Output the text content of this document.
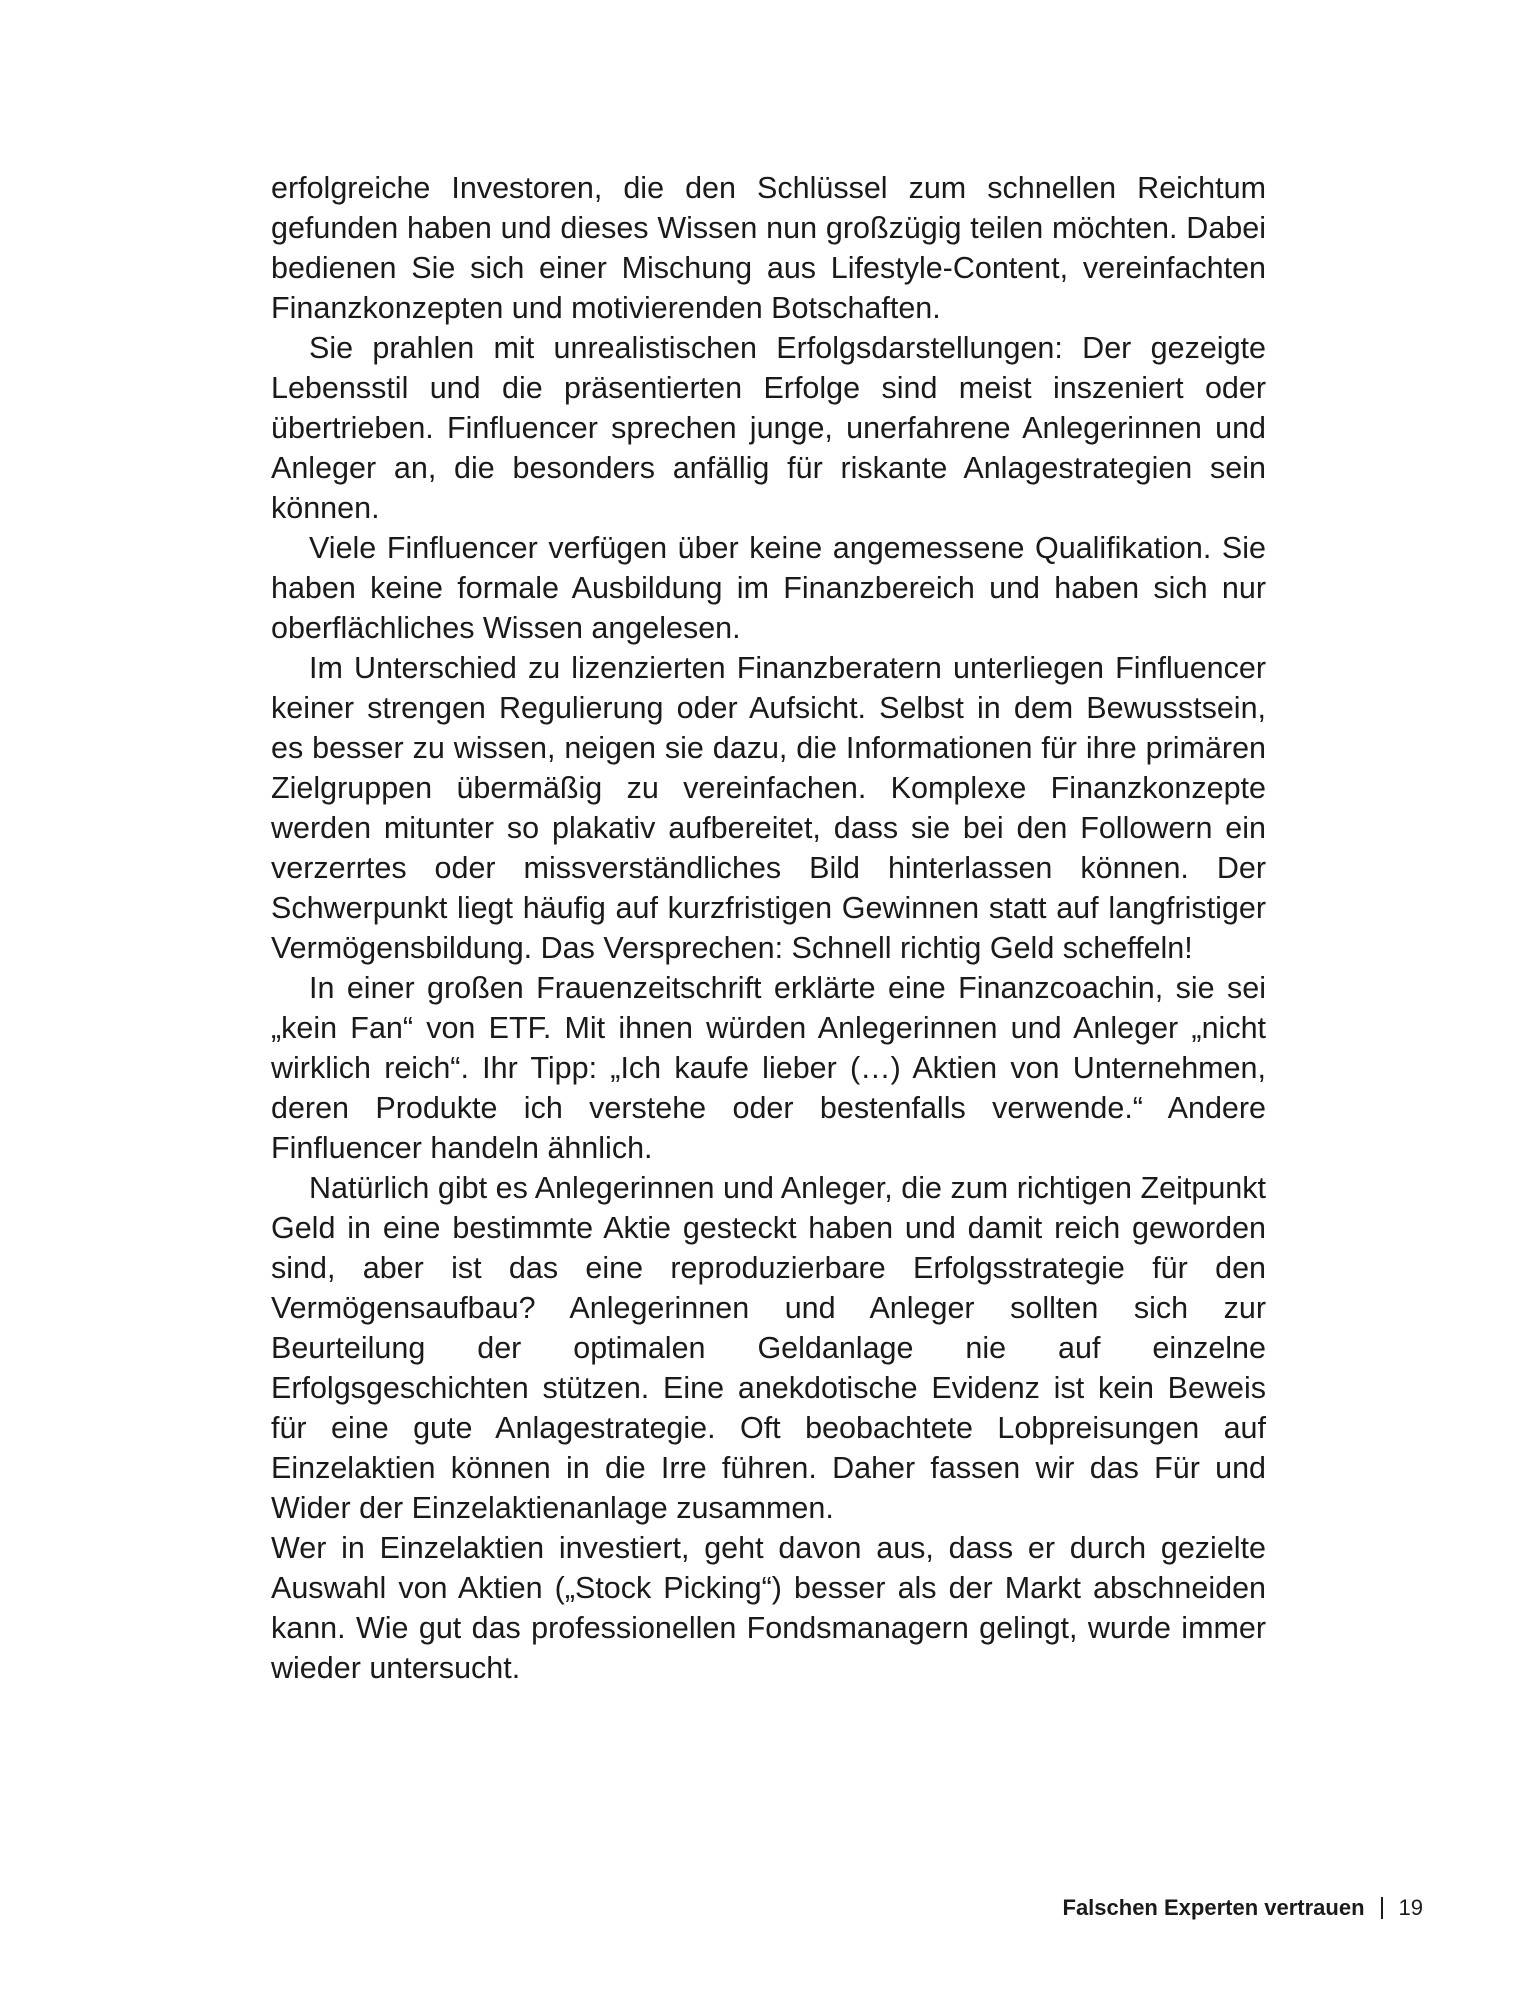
erfolgreiche Investoren, die den Schlüssel zum schnellen Reichtum gefunden haben und dieses Wissen nun großzügig teilen möchten. Dabei bedienen Sie sich einer Mischung aus Lifestyle-Content, vereinfachten Finanzkonzepten und motivierenden Botschaften.

Sie prahlen mit unrealistischen Erfolgsdarstellungen: Der gezeigte Lebensstil und die präsentierten Erfolge sind meist inszeniert oder übertrieben. Finfluencer sprechen junge, unerfahrene Anlegerinnen und Anleger an, die besonders anfällig für riskante Anlagestrategien sein können.

Viele Finfluencer verfügen über keine angemessene Qualifikation. Sie haben keine formale Ausbildung im Finanzbereich und haben sich nur oberflächliches Wissen angelesen.

Im Unterschied zu lizenzierten Finanzberatern unterliegen Finfluencer keiner strengen Regulierung oder Aufsicht. Selbst in dem Bewusstsein, es besser zu wissen, neigen sie dazu, die Informationen für ihre primären Zielgruppen übermäßig zu vereinfachen. Komplexe Finanzkonzepte werden mitunter so plakativ aufbereitet, dass sie bei den Followern ein verzerrtes oder missverständliches Bild hinterlassen können. Der Schwerpunkt liegt häufig auf kurzfristigen Gewinnen statt auf langfristiger Vermögensbildung. Das Versprechen: Schnell richtig Geld scheffeln!

In einer großen Frauenzeitschrift erklärte eine Finanzcoachin, sie sei „kein Fan“ von ETF. Mit ihnen würden Anlegerinnen und Anleger „nicht wirklich reich“. Ihr Tipp: „Ich kaufe lieber (…) Aktien von Unternehmen, deren Produkte ich verstehe oder bestenfalls verwende.“ Andere Finfluencer handeln ähnlich.

Natürlich gibt es Anlegerinnen und Anleger, die zum richtigen Zeitpunkt Geld in eine bestimmte Aktie gesteckt haben und damit reich geworden sind, aber ist das eine reproduzierbare Erfolgsstrategie für den Vermögensaufbau? Anlegerinnen und Anleger sollten sich zur Beurteilung der optimalen Geldanlage nie auf einzelne Erfolgsgeschichten stützen. Eine anekdotische Evidenz ist kein Beweis für eine gute Anlagestrategie. Oft beobachtete Lobpreisungen auf Einzelaktien können in die Irre führen. Daher fassen wir das Für und Wider der Einzelaktienanlage zusammen.

Wer in Einzelaktien investiert, geht davon aus, dass er durch gezielte Auswahl von Aktien („Stock Picking“) besser als der Markt abschneiden kann. Wie gut das professionellen Fondsmanagern gelingt, wurde immer wieder untersucht.

Falschen Experten vertrauen 19
